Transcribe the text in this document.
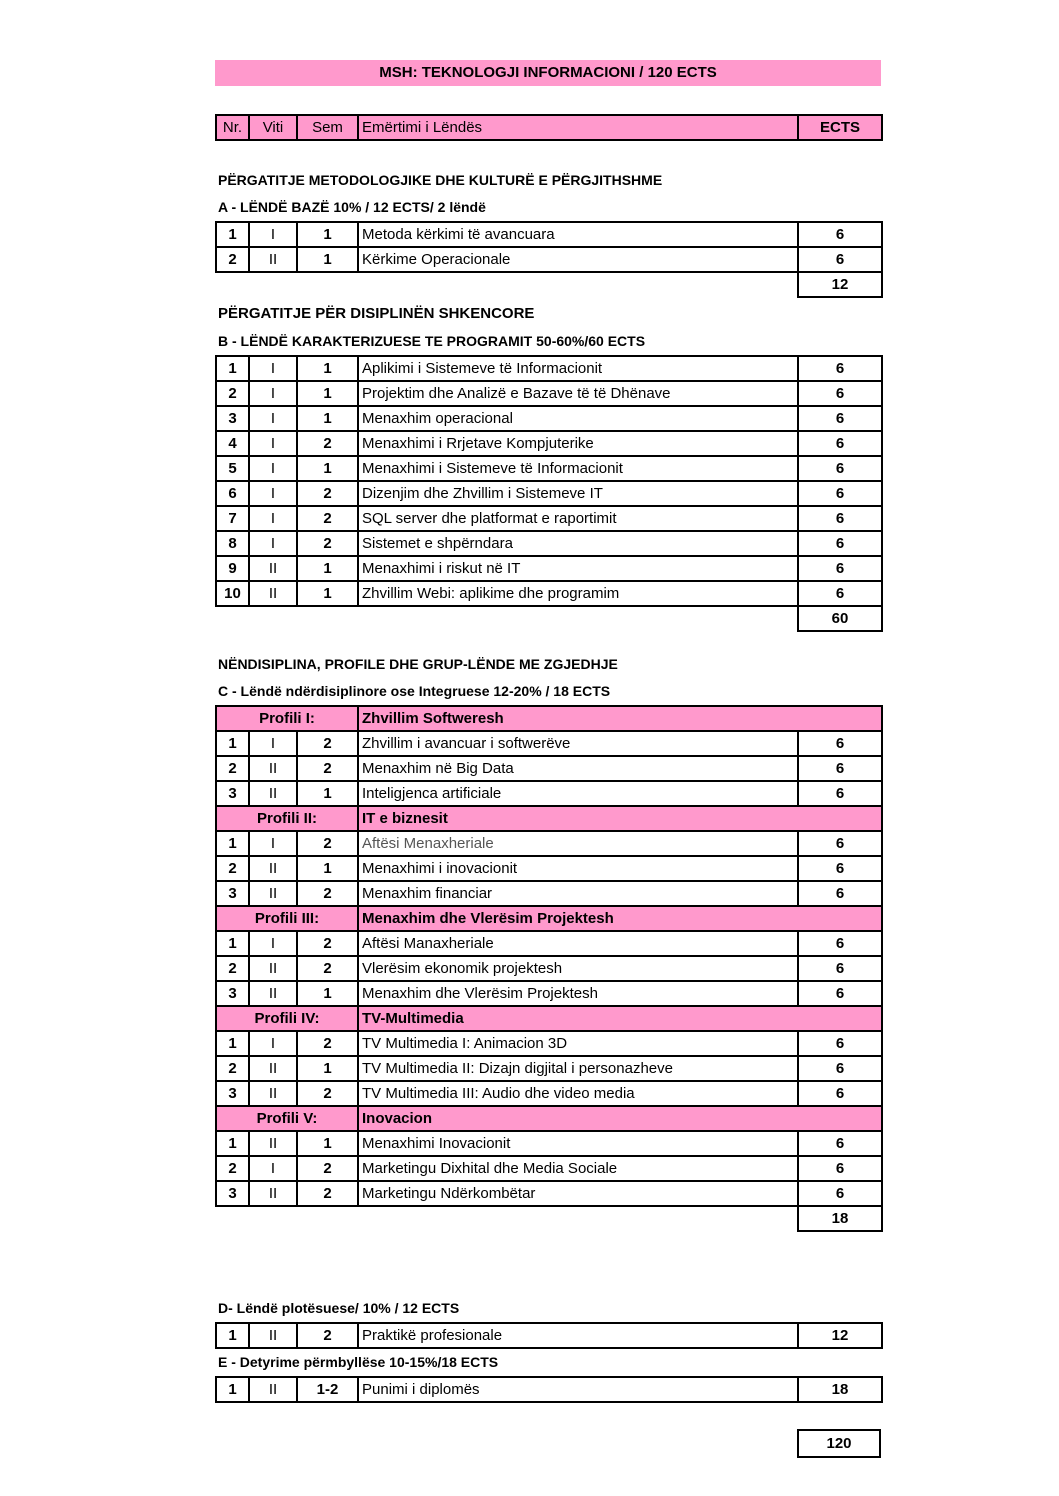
MSH: TEKNOLOGJI INFORMACIONI / 120 ECTS
Nr.	Viti	Sem	Emërtimi i Lëndës	ECTS
PËRGATITJE METODOLOGJIKE DHE KULTURË E PËRGJITHSHME
A - LËNDË BAZË 10% / 12 ECTS/ 2 lëndë
1	I	1	Metoda kërkimi të avancuara	6
2	II	1	Kërkime Operacionale	6
				12
PËRGATITJE PËR DISIPLINËN SHKENCORE
B - LËNDË KARAKTERIZUESE TE PROGRAMIT 50-60%/60 ECTS
1	I	1	Aplikimi i Sistemeve të Informacionit	6
2	I	1	Projektim dhe Analizë e Bazave të të Dhënave	6
3	I	1	Menaxhim operacional	6
4	I	2	Menaxhimi i Rrjetave Kompjuterike	6
5	I	1	Menaxhimi i Sistemeve të Informacionit	6
6	I	2	Dizenjim dhe Zhvillim i Sistemeve IT	6
7	I	2	SQL server dhe platformat e raportimit	6
8	I	2	Sistemet e shpërndara	6
9	II	1	Menaxhimi i riskut në IT	6
10	II	1	Zhvillim Webi: aplikime dhe programim	6
				60
NËNDISIPLINA, PROFILE DHE GRUP-LËNDE ME ZGJEDHJE
C - Lëndë ndërdisiplinore ose Integruese 12-20% / 18 ECTS
Profili I:			Zhvillim Softweresh	
1	I	2	Zhvillim i avancuar i softwerëve	6
2	II	2	Menaxhim në Big Data	6
3	II	1	Inteligjenca artificiale	6
Profili II:			IT e biznesit	
1	I	2	Aftësi Menaxheriale	6
2	II	1	Menaxhimi i inovacionit	6
3	II	2	Menaxhim financiar	6
Profili III:			Menaxhim dhe Vlerësim Projektesh	
1	I	2	Aftësi Manaxheriale	6
2	II	2	Vlerësim ekonomik projektesh	6
3	II	1	Menaxhim dhe Vlerësim Projektesh	6
Profili IV:			TV-Multimedia	
1	I	2	TV Multimedia I: Animacion 3D	6
2	II	1	TV Multimedia II: Dizajn digjital i personazheve	6
3	II	2	TV Multimedia III: Audio dhe video media	6
Profili V:			Inovacion	
1	II	1	Menaxhimi Inovacionit	6
2	I	2	Marketingu Dixhital dhe Media Sociale	6
3	II	2	Marketingu Ndërkombëtar	6
				18
D- Lëndë plotësuese/ 10% / 12 ECTS
1	II	2	Praktikë profesionale	12
E - Detyrime përmbyllëse 10-15%/18 ECTS
1	II	1-2	Punimi i diplomës	18
120
